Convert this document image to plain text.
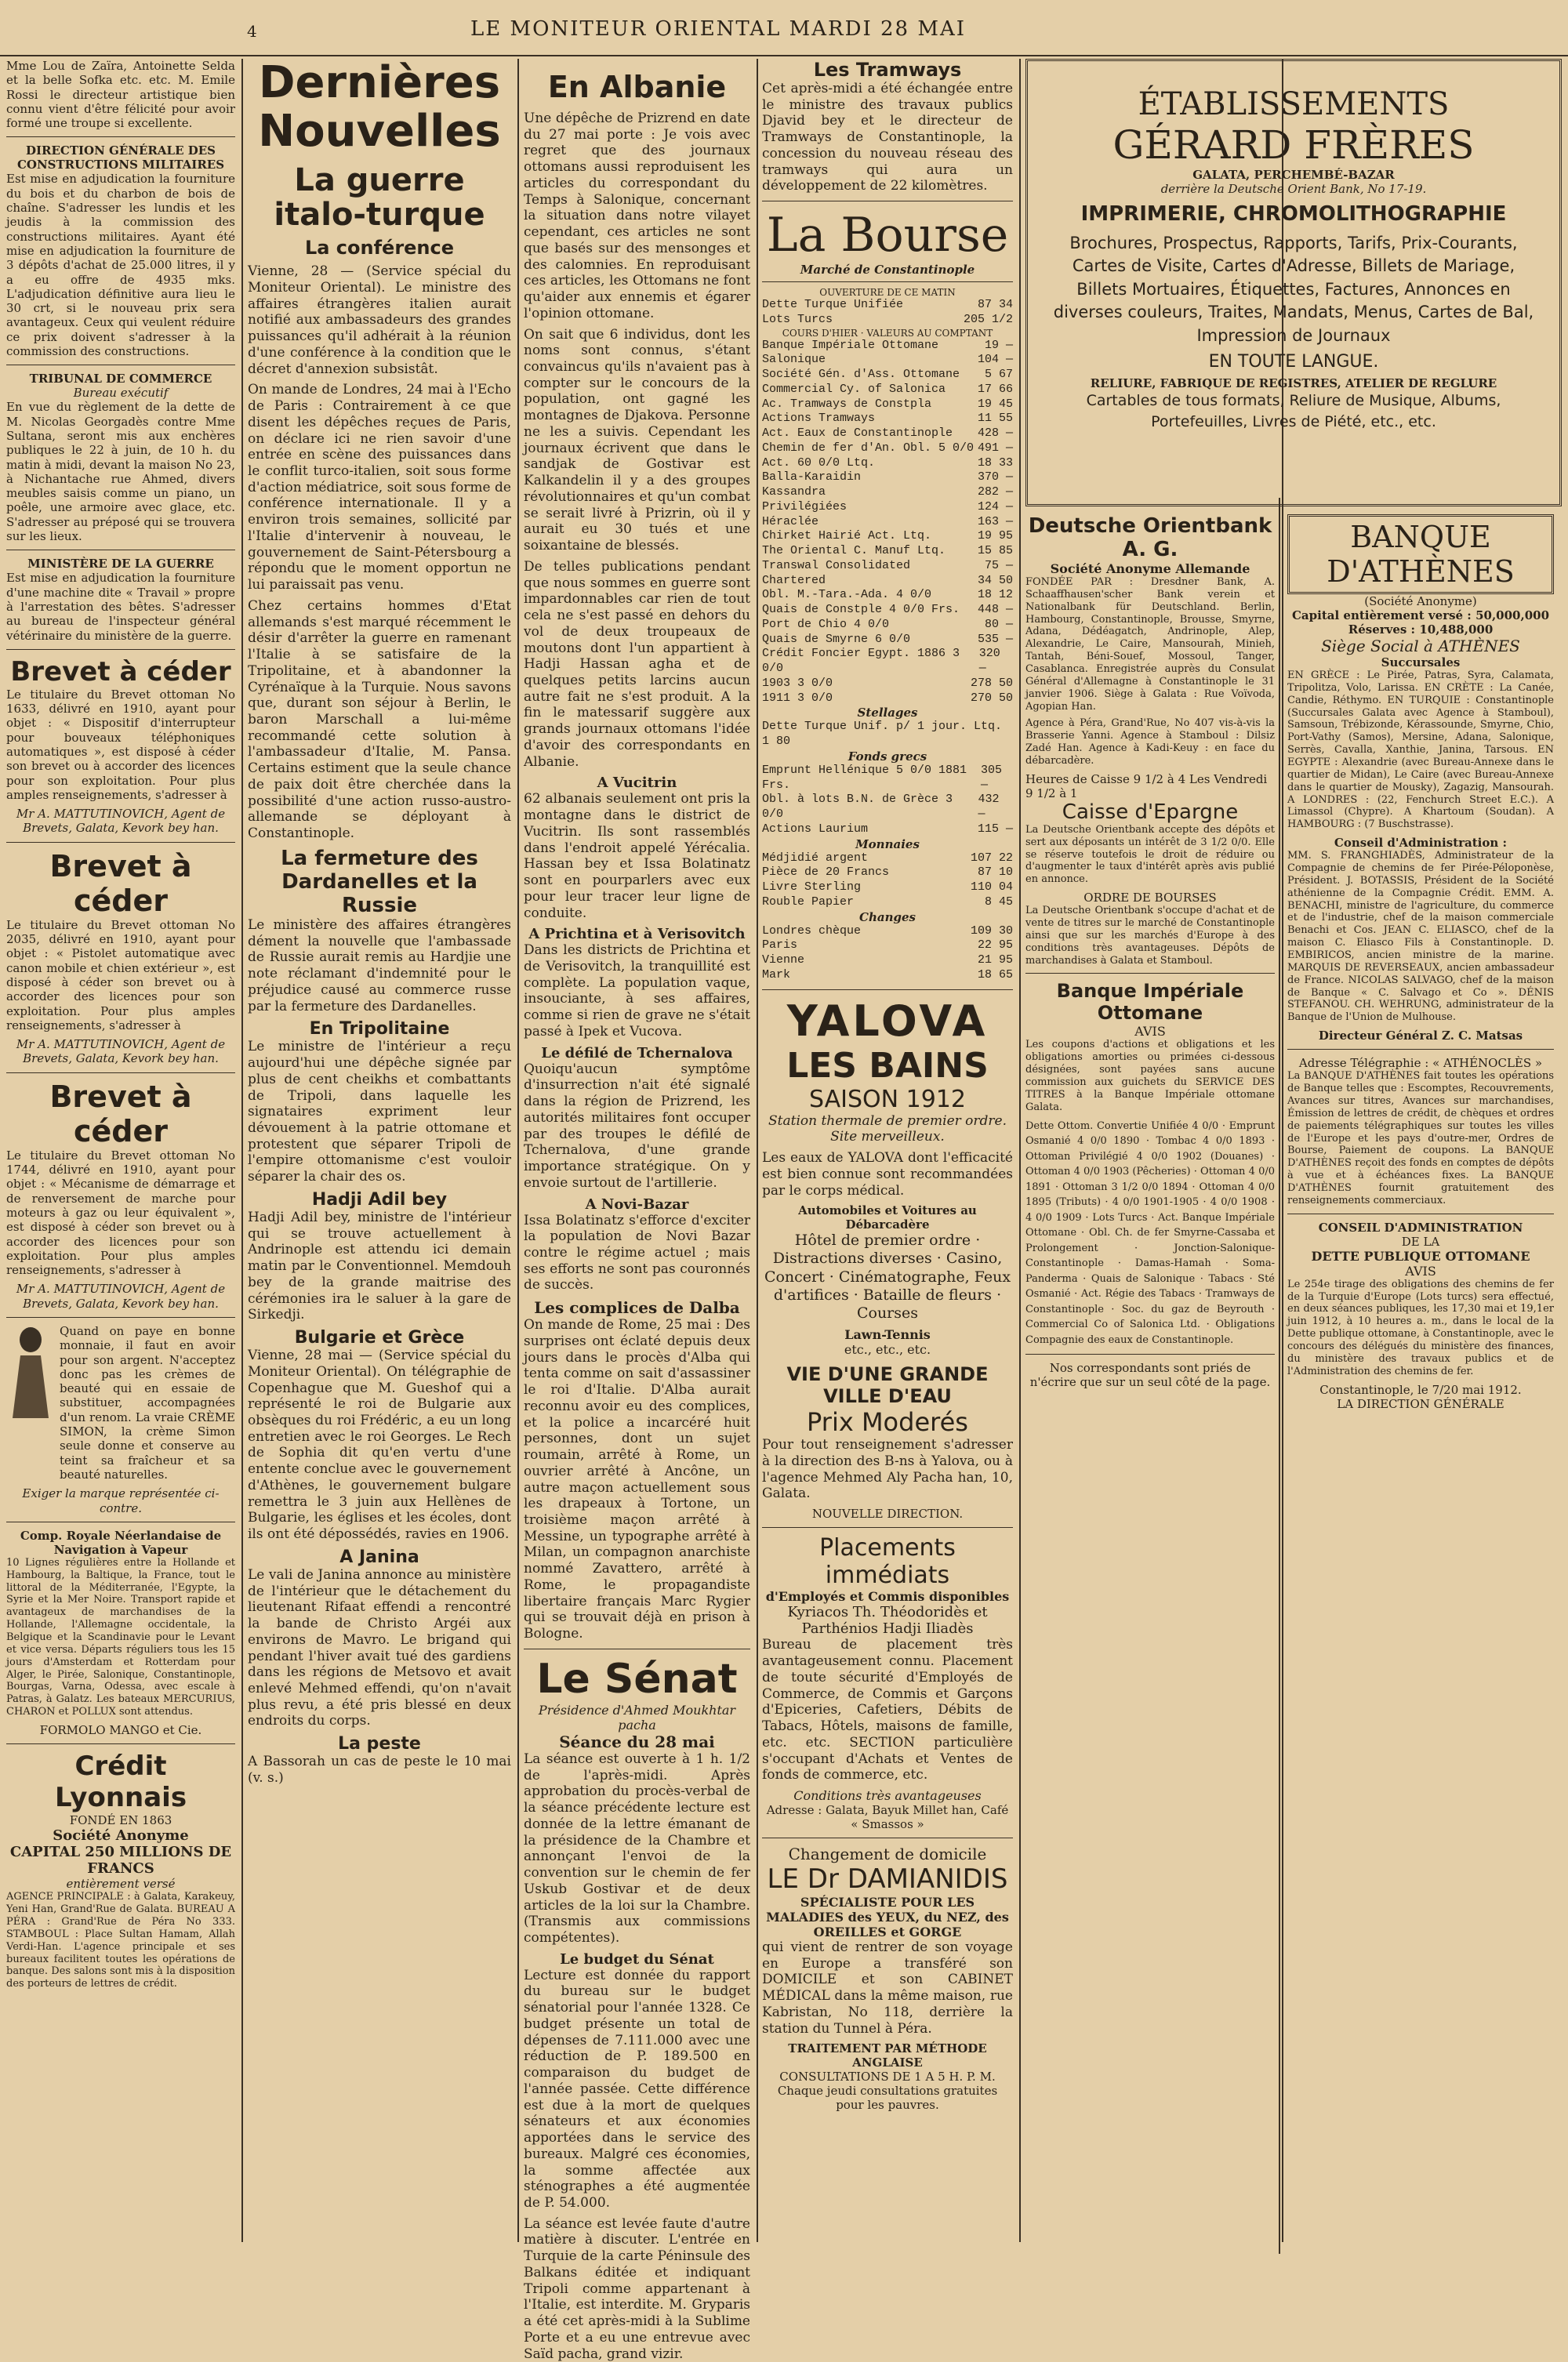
4	LE MONITEUR ORIENTAL MARDI 28 MAI

Mme Lou de Zaïra, Antoinette Selda et la belle Sofka etc. etc. M. Emile Rossi le directeur artistique bien connu vient d'être félicité pour avoir formé une troupe si excellente.

DIRECTION GÉNÉRALE DES CONSTRUCTIONS MILITAIRES

Est mise en adjudication la fourniture du bois et du charbon de bois de chaîne. S'adresser les lundis et les jeudis à la commission des constructions militaires. Ayant été mise en adjudication la fourniture de 3 dépôts d'achat de 25.000 litres, il y a eu offre de 4935 mks. L'adjudication définitive aura lieu le 30 crt, si le nouveau prix sera avantageux. Ceux qui veulent réduire ce prix doivent s'adresser à la commission des constructions.

TRIBUNAL DE COMMERCE
Bureau exécutif

En vue du règlement de la dette de M. Nicolas Georgadès contre Mme Sultana, seront mis aux enchères publiques le 22 à juin, de 10 h. du matin à midi, devant la maison No 23, à Nichantache rue Ahmed, divers meubles saisis comme un piano, un poêle, une armoire avec glace, etc. S'adresser au préposé qui se trouvera sur les lieux.

MINISTÈRE DE LA GUERRE

Est mise en adjudication la fourniture d'une machine dite « Travail » propre à l'arrestation des bêtes. S'adresser au bureau de l'inspecteur général vétérinaire du ministère de la guerre.

Brevet à céder

Le titulaire du Brevet ottoman No 1633, délivré en 1910, ayant pour objet : « Dispositif d'interrupteur pour bouveaux téléphoniques automatiques », est disposé à céder son brevet ou à accorder des licences pour son exploitation. Pour plus amples renseignements, s'adresser à

Mr A. MATTUTINOVICH, Agent de Brevets, Galata, Kevork bey han.

Brevet à céder

Le titulaire du Brevet ottoman No 2035, délivré en 1910, ayant pour objet : « Pistolet automatique avec canon mobile et chien extérieur », est disposé à céder son brevet ou à accorder des licences pour son exploitation. Pour plus amples renseignements, s'adresser à

Mr A. MATTUTINOVICH, Agent de Brevets, Galata, Kevork bey han.

Brevet à céder

Le titulaire du Brevet ottoman No 1744, délivré en 1910, ayant pour objet : « Mécanisme de démarrage et de renversement de marche pour moteurs à gaz ou leur équivalent », est disposé à céder son brevet ou à accorder des licences pour son exploitation. Pour plus amples renseignements, s'adresser à

Mr A. MATTUTINOVICH, Agent de Brevets, Galata, Kevork bey han.

Quand on paye en bonne monnaie, il faut en avoir pour son argent. N'acceptez donc pas les crèmes de beauté qui en essaie de substituer, accompagnées d'un renom. La vraie CRÈME SIMON, la crème Simon seule donne et conserve au teint sa fraîcheur et sa beauté naturelles.

Exiger la marque représentée ci-contre.

Comp. Royale Néerlandaise de Navigation à Vapeur

10 Lignes régulières entre la Hollande et Hambourg, la Baltique, la France, tout le littoral de la Méditerranée, l'Egypte, la Syrie et la Mer Noire. Transport rapide et avantageux de marchandises de la Hollande, l'Allemagne occidentale, la Belgique et la Scandinavie pour le Levant et vice versa. Départs réguliers tous les 15 jours d'Amsterdam et Rotterdam pour Alger, le Pirée, Salonique, Constantinople, Bourgas, Varna, Odessa, avec escale à Patras, à Galatz. Les bateaux MERCURIUS, CHARON et POLLUX sont attendus.

FORMOLO MANGO et Cie.

Crédit Lyonnais
FONDÉ EN 1863
Société Anonyme
CAPITAL 250 MILLIONS DE FRANCS
entièrement versé

AGENCE PRINCIPALE : à Galata, Karakeuy, Yeni Han, Grand'Rue de Galata. BUREAU A PÉRA : Grand'Rue de Péra No 333. STAMBOUL : Place Sultan Hamam, Allah Verdi-Han. L'agence principale et ses bureaux facilitent toutes les opérations de banque. Des salons sont mis à la disposition des porteurs de lettres de crédit.

Dernières Nouvelles
La guerre italo-turque
La conférence

Vienne, 28 — (Service spécial du Moniteur Oriental). Le ministre des affaires étrangères italien aurait notifié aux ambassadeurs des grandes puissances qu'il adhérait à la réunion d'une conférence à la condition que le décret d'annexion subsistât.

On mande de Londres, 24 mai à l'Echo de Paris : Contrairement à ce que disent les dépêches reçues de Paris, on déclare ici ne rien savoir d'une entrée en scène des puissances dans le conflit turco-italien, soit sous forme d'action médiatrice, soit sous forme de conférence internationale. Il y a environ trois semaines, sollicité par l'Italie d'intervenir à nouveau, le gouvernement de Saint-Pétersbourg a répondu que le moment opportun ne lui paraissait pas venu.

Chez certains hommes d'Etat allemands s'est marqué récemment le désir d'arrêter la guerre en ramenant l'Italie à se satisfaire de la Tripolitaine, et à abandonner la Cyrénaïque à la Turquie. Nous savons que, durant son séjour à Berlin, le baron Marschall a lui-même recommandé cette solution à l'ambassadeur d'Italie, M. Pansa. Certains estiment que la seule chance de paix doit être cherchée dans la possibilité d'une action russo-austro-allemande se déployant à Constantinople.

La fermeture des Dardanelles et la Russie

Le ministère des affaires étrangères dément la nouvelle que l'ambassade de Russie aurait remis au Hardjie une note réclamant d'indemnité pour le préjudice causé au commerce russe par la fermeture des Dardanelles.

En Tripolitaine

Le ministre de l'intérieur a reçu aujourd'hui une dépêche signée par plus de cent cheikhs et combattants de Tripoli, dans laquelle les signataires expriment leur dévouement à la patrie ottomane et protestent que séparer Tripoli de l'empire ottomanisme c'est vouloir séparer la chair des os.

Hadji Adil bey

Hadji Adil bey, ministre de l'intérieur qui se trouve actuellement à Andrinople est attendu ici demain matin par le Conventionnel. Memdouh bey de la grande maitrise des cérémonies ira le saluer à la gare de Sirkedji.

Bulgarie et Grèce

Vienne, 28 mai — (Service spécial du Moniteur Oriental). On télégraphie de Copenhague que M. Gueshof qui a représenté le roi de Bulgarie aux obsèques du roi Frédéric, a eu un long entretien avec le roi Georges. Le Rech de Sophia dit qu'en vertu d'une entente conclue avec le gouvernement d'Athènes, le gouvernement bulgare remettra le 3 juin aux Hellènes de Bulgarie, les églises et les écoles, dont ils ont été dépossédés, ravies en 1906.

A Janina

Le vali de Janina annonce au ministère de l'intérieur que le détachement du lieutenant Rifaat effendi a rencontré la bande de Christo Argéi aux environs de Mavro. Le brigand qui pendant l'hiver avait tué des gardiens dans les régions de Metsovo et avait enlevé Mehmed effendi, qu'on n'avait plus revu, a été pris blessé en deux endroits du corps.

La peste

A Bassorah un cas de peste le 10 mai (v. s.)

En Albanie

Une dépêche de Prizrend en date du 27 mai porte : Je vois avec regret que des journaux ottomans aussi reproduisent les articles du correspondant du Temps à Salonique, concernant la situation dans notre vilayet cependant, ces articles ne sont que basés sur des mensonges et des calomnies. En reproduisant ces articles, les Ottomans ne font qu'aider aux ennemis et égarer l'opinion ottomane.

On sait que 6 individus, dont les noms sont connus, s'étant convaincus qu'ils n'avaient pas à compter sur le concours de la population, ont gagné les montagnes de Djakova. Personne ne les a suivis. Cependant les journaux écrivent que dans le sandjak de Gostivar est Kalkandelin il y a des groupes révolutionnaires et qu'un combat se serait livré à Prizrin, où il y aurait eu 30 tués et une soixantaine de blessés.

De telles publications pendant que nous sommes en guerre sont impardonnables car rien de tout cela ne s'est passé en dehors du vol de deux troupeaux de moutons dont l'un appartient à Hadji Hassan agha et de quelques petits larcins aucun autre fait ne s'est produit. A la fin le matessarif suggère aux grands journaux ottomans l'idée d'avoir des correspondants en Albanie.

A Vucitrin

62 albanais seulement ont pris la montagne dans le district de Vucitrin. Ils sont rassemblés dans l'endroit appelé Yérécalia. Hassan bey et Issa Bolatinatz sont en pourparlers avec eux pour leur tracer leur ligne de conduite.

A Prichtina et à Verisovitch

Dans les districts de Prichtina et de Verisovitch, la tranquillité est complète. La population vaque, insouciante, à ses affaires, comme si rien de grave ne s'était passé à Ipek et Vucova.

Le défilé de Tchernalova

Quoiqu'aucun symptôme d'insurrection n'ait été signalé dans la région de Prizrend, les autorités militaires font occuper par des troupes le défilé de Tchernalova, d'une grande importance stratégique. On y envoie surtout de l'artillerie.

A Novi-Bazar

Issa Bolatinatz s'efforce d'exciter la population de Novi Bazar contre le régime actuel ; mais ses efforts ne sont pas couronnés de succès.

Les complices de Dalba

On mande de Rome, 25 mai : Des surprises ont éclaté depuis deux jours dans le procès d'Alba qui tenta comme on sait d'assassiner le roi d'Italie. D'Alba aurait reconnu avoir eu des complices, et la police a incarcéré huit personnes, dont un sujet roumain, arrêté à Rome, un ouvrier arrêté à Ancône, un autre maçon actuellement sous les drapeaux à Tortone, un troisième maçon arrêté à Messine, un typographe arrêté à Milan, un compagnon anarchiste nommé Zavattero, arrêté à Rome, le propagandiste libertaire français Marc Rygier qui se trouvait déjà en prison à Bologne.

Le Sénat
Présidence d'Ahmed Moukhtar pacha
Séance du 28 mai

La séance est ouverte à 1 h. 1/2 de l'après-midi. Après approbation du procès-verbal de la séance précédente lecture est donnée de la lettre émanant de la présidence de la Chambre et annonçant l'envoi de la convention sur le chemin de fer Uskub Gostivar et de deux articles de la loi sur la Chambre. (Transmis aux commissions compétentes).

Le budget du Sénat

Lecture est donnée du rapport du bureau sur le budget sénatorial pour l'année 1328. Ce budget présente un total de dépenses de 7.111.000 avec une réduction de P. 189.500 en comparaison du budget de l'année passée. Cette différence est due à la mort de quelques sénateurs et aux économies apportées dans le service des bureaux. Malgré ces économies, la somme affectée aux sténographes a été augmentée de P. 54.000.

La séance est levée faute d'autre matière à discuter. L'entrée en Turquie de la carte Péninsule des Balkans éditée et indiquant Tripoli comme appartenant à l'Italie, est interdite. M. Gryparis a été cet après-midi à la Sublime Porte et a eu une entrevue avec Saïd pacha, grand vizir.

Les Tramways

Cet après-midi a été échangée entre le ministre des travaux publics Djavid bey et le directeur de Tramways de Constantinople, la concession du nouveau réseau des tramways qui aura un développement de 22 kilomètres.

La Bourse
Marché de Constantinople
OUVERTURE DE CE MATIN
Dette Turque Unifiée	87 34
Lots Turcs	205 1/2
COURS D'HIER · VALEURS AU COMPTANT
Banque Impériale Ottomane	19 —
Salonique	104 —
Société Gén. d'Ass. Ottomane 5 67
Commercial Cy. of Salonica	17 66
Ac. Tramways de Constpla	19 45
Actions Tramways	11 55
Act. Eaux de Constantinople 428 —
Chemin de fer d'An. Obl. 5 0/0 491 —
Act. 60 0/0 Ltq.	18 33
Balla-Karaidin	370 —
Kassandra	282 —
Privilégiées	124 —
Héraclée	163 —
Chirket Hairié Act. Ltq.	19 95
The Oriental C. Manuf Ltq.	15 85
Transwal Consolidated	75 —
Chartered	34 50
Obl. M.-Tara.-Ada. 4 0/0	18 12
Quais de Constple 4 0/0 Frs. 448 —
Port de Chio 4 0/0	80 —
Quais de Smyrne 6 0/0	535 —
Crédit Foncier Egypt. 1886 3 0/0
320 —
1903 3 0/0	278 50
1911 3 0/0	270 50
Stellages
Dette Turque Unif. p/ 1 jour. Ltq. 1 80
Fonds grecs
Emprunt Hellénique 5 0/0 1881 Frs.
305 —
Obl. à lots B.N. de Grèce 3 0/0
432 —
Actions Laurium	115 —
Monnaies
Médjidié argent	107 22
Pièce de 20 Francs	87 10
Livre Sterling	110 04
Rouble Papier	8 45
Changes
Londres chèque	109 30
Paris	22 95
Vienne	21 95
Mark	18 65
YALOVA
LES BAINS
SAISON 1912

Station thermale de premier ordre. Site merveilleux.

Les eaux de YALOVA dont l'efficacité est bien connue sont recommandées par le corps médical.

Automobiles et Voitures au Débarcadère

Hôtel de premier ordre · Distractions diverses · Casino, Concert · Cinématographe, Feux d'artifices · Bataille de fleurs · Courses

Lawn-Tennis
etc., etc., etc.
VIE D'UNE GRANDE VILLE D'EAU
Prix Moderés

Pour tout renseignement s'adresser à la direction des B-ns à Yalova, ou à l'agence Mehmed Aly Pacha han, 10, Galata.

NOUVELLE DIRECTION.

Placements immédiats
d'Employés et Commis disponibles
Kyriacos Th. Théodoridès et Parthénios Hadji Iliadès

Bureau de placement très avantageusement connu. Placement de toute sécurité d'Employés de Commerce, de Commis et Garçons d'Epiceries, Cafetiers, Débits de Tabacs, Hôtels, maisons de famille, etc. etc. SECTION particulière s'occupant d'Achats et Ventes de fonds de commerce, etc.

Conditions très avantageuses
Adresse : Galata, Bayuk Millet han, Café « Smassos »
Changement de domicile
LE Dr DAMIANIDIS
SPÉCIALISTE POUR LES MALADIES des YEUX, du NEZ, des OREILLES et GORGE

qui vient de rentrer de son voyage en Europe a transféré son DOMICILE et son CABINET MÉDICAL dans la même maison, rue Kabristan, No 118, derrière la station du Tunnel à Péra.

TRAITEMENT PAR MÉTHODE ANGLAISE
CONSULTATIONS DE 1 A 5 H. P. M.
Chaque jeudi consultations gratuites pour les pauvres.
ÉTABLISSEMENTS
GÉRARD FRÈRES
GALATA, PERCHEMBÉ-BAZAR
derrière la Deutsche Orient Bank, No 17-19.
IMPRIMERIE, CHROMOLITHOGRAPHIE
Brochures, Prospectus, Rapports, Tarifs, Prix-Courants, Cartes de Visite, Cartes d'Adresse, Billets de Mariage, Billets Mortuaires, Étiquettes, Factures, Annonces en diverses couleurs, Traites, Mandats, Menus, Cartes de Bal, Impression de Journaux
EN TOUTE LANGUE.
RELIURE, FABRIQUE DE REGISTRES, ATELIER DE REGLURE
Cartables de tous formats, Reliure de Musique, Albums, Portefeuilles, Livres de Piété, etc., etc.
Deutsche Orientbank A. G.
Société Anonyme Allemande

FONDÉE PAR : Dresdner Bank, A. Schaaffhausen'scher Bank verein et Nationalbank für Deutschland. Berlin, Hambourg, Constantinople, Brousse, Smyrne, Adana, Dédéagatch, Andrinople, Alep, Alexandrie, Le Caire, Mansourah, Minieh, Tantah, Béni-Souef, Mossoul, Tanger, Casablanca. Enregistrée auprès du Consulat Général d'Allemagne à Constantinople le 31 janvier 1906. Siège à Galata : Rue Voïvoda, Agopian Han.

Agence à Péra, Grand'Rue, No 407 vis-à-vis la Brasserie Yanni. Agence à Stamboul : Dilsiz Zadé Han. Agence à Kadi-Keuy : en face du débarcadère.

Heures de Caisse 9 1/2 à 4 Les Vendredi 9 1/2 à 1
Caisse d'Epargne

La Deutsche Orientbank accepte des dépôts et sert aux déposants un intérêt de 3 1/2 0/0. Elle se réserve toutefois le droit de réduire ou d'augmenter le taux d'intérêt après avis publié en annonce.

ORDRE DE BOURSES

La Deutsche Orientbank s'occupe d'achat et de vente de titres sur le marché de Constantinople ainsi que sur les marchés d'Europe à des conditions très avantageuses. Dépôts de marchandises à Galata et Stamboul.

Banque Impériale Ottomane
AVIS

Les coupons d'actions et obligations et les obligations amorties ou primées ci-dessous désignées, sont payées sans aucune commission aux guichets du SERVICE DES TITRES à la Banque Impériale ottomane Galata.

Dette Ottom. Convertie Unifiée 4 0/0 · Emprunt Osmanié 4 0/0 1890 · Tombac 4 0/0 1893 · Ottoman Privilégié 4 0/0 1902 (Douanes) · Ottoman 4 0/0 1903 (Pêcheries) · Ottoman 4 0/0 1891 · Ottoman 3 1/2 0/0 1894 · Ottoman 4 0/0 1895 (Tributs) · 4 0/0 1901-1905 · 4 0/0 1908 · 4 0/0 1909 · Lots Turcs · Act. Banque Impériale Ottomane · Obl. Ch. de fer Smyrne-Cassaba et Prolongement · Jonction-Salonique-Constantinople · Damas-Hamah · Soma-Panderma · Quais de Salonique · Tabacs · Sté Osmanié · Act. Régie des Tabacs · Tramways de Constantinople · Soc. du gaz de Beyrouth · Commercial Co of Salonica Ltd. · Obligations Compagnie des eaux de Constantinople.

Nos correspondants sont priés de n'écrire que sur un seul côté de la page.

BANQUE D'ATHÈNES
(Société Anonyme)
Capital entièrement versé : 50,000,000 Réserves : 10,488,000
Siège Social à ATHÈNES
Succursales

EN GRÈCE : Le Pirée, Patras, Syra, Calamata, Tripolitza, Volo, Larissa. EN CRÈTE : La Canée, Candie, Réthymo. EN TURQUIE : Constantinople (Succursales Galata avec Agence à Stamboul), Samsoun, Trébizonde, Kérassounde, Smyrne, Chio, Port-Vathy (Samos), Mersine, Adana, Salonique, Serrès, Cavalla, Xanthie, Janina, Tarsous. EN EGYPTE : Alexandrie (avec Bureau-Annexe dans le quartier de Midan), Le Caire (avec Bureau-Annexe dans le quartier de Mousky), Zagazig, Mansourah. A LONDRES : (22, Fenchurch Street E.C.). A Limassol (Chypre). A Khartoum (Soudan). A HAMBOURG : (7 Buschstrasse).

Conseil d'Administration :

MM. S. FRANGHIADÈS, Administrateur de la Compagnie de chemins de fer Pirée-Péloponèse, Président. J. BOTASSIS, Président de la Société athénienne de la Compagnie Crédit. EMM. A. BENACHI, ministre de l'agriculture, du commerce et de l'industrie, chef de la maison commerciale Benachi et Cos. JEAN C. ELIASCO, chef de la maison C. Eliasco Fils à Constantinople. D. EMBIRICOS, ancien ministre de la marine. MARQUIS DE REVERSEAUX, ancien ambassadeur de France. NICOLAS SALVAGO, chef de la maison de Banque « C. Salvago et Co ». DÉNIS STEFANOU. CH. WEHRUNG, administrateur de la Banque de l'Union de Mulhouse.

Directeur Général Z. C. Matsas
Adresse Télégraphie : « ATHÉNOCLÈS »

La BANQUE D'ATHÈNES fait toutes les opérations de Banque telles que : Escomptes, Recouvrements, Avances sur titres, Avances sur marchandises, Émission de lettres de crédit, de chèques et ordres de paiements télégraphiques sur toutes les villes de l'Europe et les pays d'outre-mer, Ordres de Bourse, Paiement de coupons. La BANQUE D'ATHÈNES reçoit des fonds en comptes de dépôts à vue et à échéances fixes. La BANQUE D'ATHÈNES fournit gratuitement des renseignements commerciaux.

CONSEIL D'ADMINISTRATION
DE LA
DETTE PUBLIQUE OTTOMANE
AVIS

Le 254e tirage des obligations des chemins de fer de la Turquie d'Europe (Lots turcs) sera effectué, en deux séances publiques, les 17,30 mai et 19,1er juin 1912, à 10 heures a. m., dans le local de la Dette publique ottomane, à Constantinople, avec le concours des délégués du ministère des finances, du ministère des travaux publics et de l'Administration des chemins de fer.

Constantinople, le 7/20 mai 1912.
LA DIRECTION GÉNÉRALE
